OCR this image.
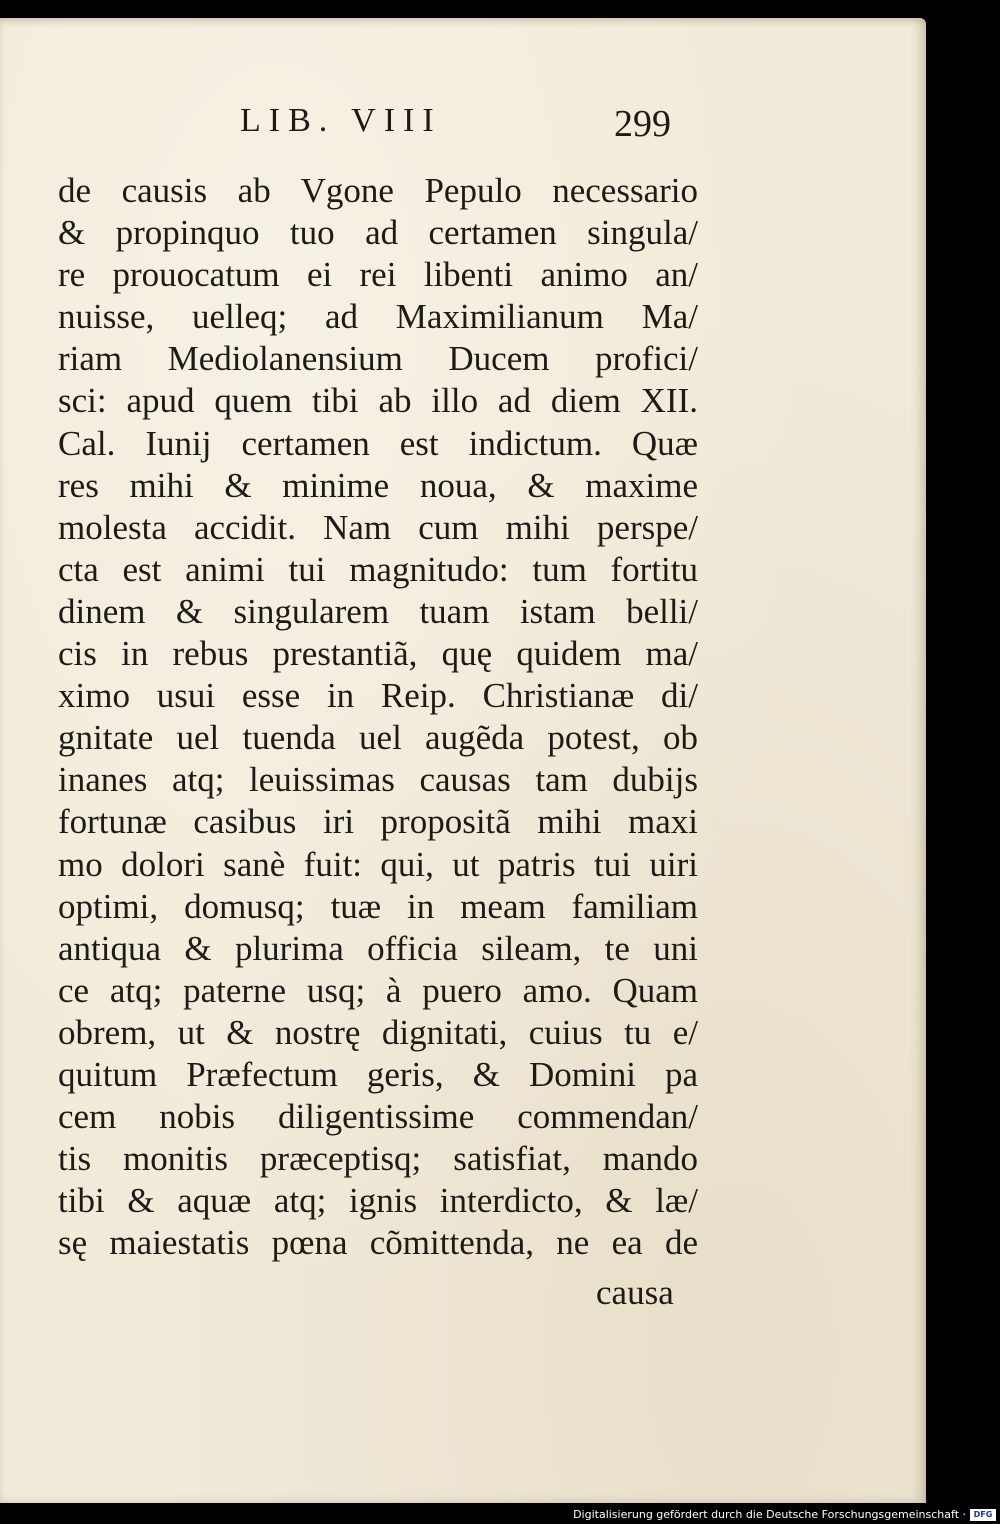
LIB. VIII	299
de causis ab Vgone Pepulo necessario
& propinquo tuo ad certamen singula/
re prouocatum ei rei libenti animo an/
nuisse, uelleq; ad Maximilianum Ma/
riam Mediolanensium Ducem profici/
sci: apud quem tibi ab illo ad diem XII.
Cal. Iunij certamen est indictum. Quæ
res mihi & minime noua, & maxime
molesta accidit. Nam cum mihi perspe/
cta est animi tui magnitudo: tum fortitu
dinem & singularem tuam istam belli/
cis in rebus prestantiã, quę quidem ma/
ximo usui esse in Reip. Christianæ di/
gnitate uel tuenda uel augẽda potest, ob
inanes atq; leuissimas causas tam dubijs
fortunæ casibus iri propositã mihi maxi
mo dolori sanè fuit: qui, ut patris tui uiri
optimi, domusq; tuæ in meam familiam
antiqua & plurima officia sileam, te uni
ce atq; paterne usq; à puero amo. Quam
obrem, ut & nostrę dignitati, cuius tu e/
quitum Præfectum geris, & Domini pa
cem nobis diligentissime commendan/
tis monitis præceptisq; satisfiat, mando
tibi & aquæ atq; ignis interdicto, & læ/
sę maiestatis pœna cõmittenda, ne ea de
causa
Digitalisierung gefördert durch die Deutsche Forschungsgemeinschaft · DFG
